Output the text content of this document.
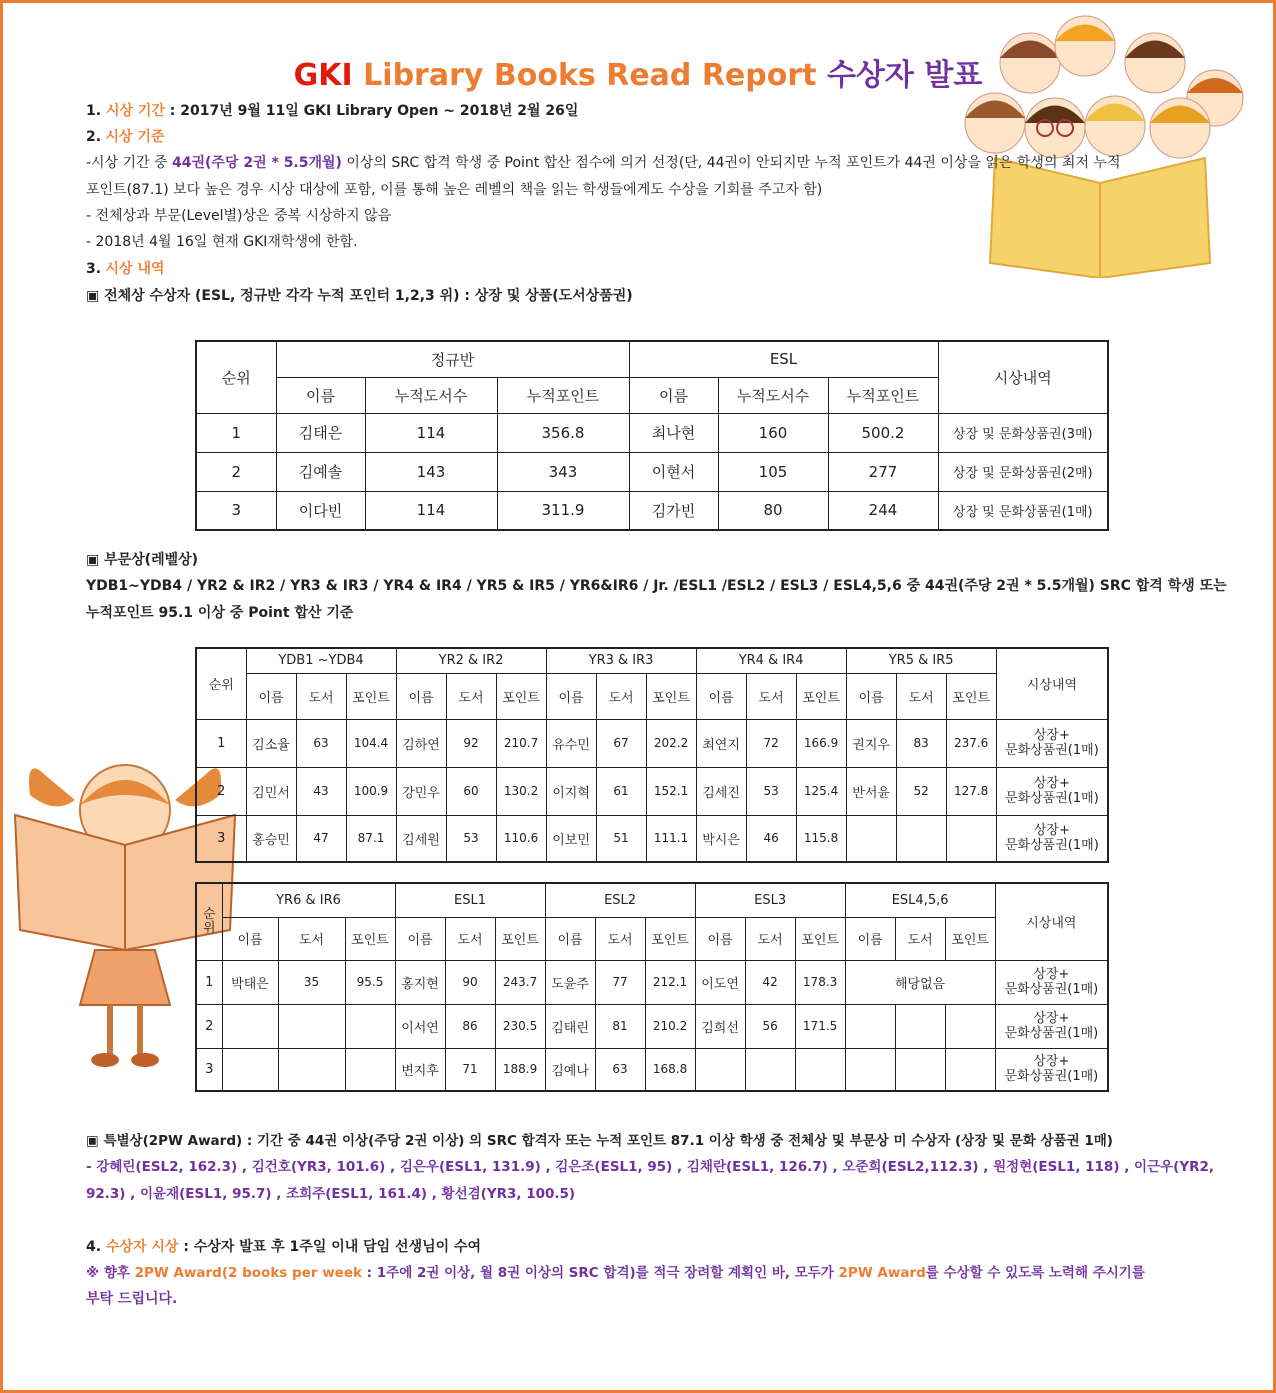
GKI Library Books Read Report 수상자 발표
1. 시상 기간 : 2017년 9월 11일 GKI Library Open ~ 2018년 2월 26일
2. 시상 기준
-시상 기간 중 44권(주당 2권 * 5.5개월) 이상의 SRC 합격 학생 중 Point 합산 점수에 의거 선정(단, 44권이 안되지만 누적 포인트가 44권 이상을 읽은 학생의 최저 누적
포인트(87.1) 보다 높은 경우 시상 대상에 포함, 이를 통해 높은 레벨의 책을 읽는 학생들에게도 수상을 기회를 주고자 함)
- 전체상과 부문(Level별)상은 중복 시상하지 않음
- 2018년 4월 16일 현재 GKI재학생에 한함.
3. 시상 내역
▣ 전체상 수상자 (ESL, 정규반 각각 누적 포인터 1,2,3 위) : 상장 및 상품(도서상품권)
순위	정규반			ESL			시상내역
	이름	누적도서수	누적포인트	이름	누적도서수	누적포인트	
1	김태은	114	356.8	최나현	160	500.2	상장 및 문화상품권(3매)
2	김예솔	143	343	이현서	105	277	상장 및 문화상품권(2매)
3	이다빈	114	311.9	김가빈	80	244	상장 및 문화상품권(1매)
▣ 부문상(레벨상)
YDB1~YDB4 / YR2 & IR2 / YR3 & IR3 / YR4 & IR4 / YR5 & IR5 / YR6&IR6 / Jr. /ESL1 /ESL2 / ESL3 / ESL4,5,6 중 44권(주당 2권 * 5.5개월) SRC 합격 학생 또는
누적포인트 95.1 이상 중 Point 합산 기준
순위	YDB1 ~YDB4			YR2 & IR2			YR3 & IR3			YR4 & IR4			YR5 & IR5			시상내역
	이름	도서	포인트	이름	도서	포인트	이름	도서	포인트	이름	도서	포인트	이름	도서	포인트	
1	김소율	63	104.4	김하연	92	210.7	유수민	67	202.2	최연지	72	166.9	권지우	83	237.6	상장+
문화상품권(1매)
2	김민서	43	100.9	강민우	60	130.2	이지혁	61	152.1	김세진	53	125.4	반서윤	52	127.8	상장+
문화상품권(1매)
3	홍승민	47	87.1	김세원	53	110.6	이보민	51	111.1	박시은	46	115.8				상장+
문화상품권(1매)
순위	YR6 & IR6			ESL1			ESL2			ESL3			ESL4,5,6			시상내역
	이름	도서	포인트	이름	도서	포인트	이름	도서	포인트	이름	도서	포인트	이름	도서	포인트	
1	박태은	35	95.5	홍지현	90	243.7	도윤주	77	212.1	이도연	42	178.3	해당없음			상장+
문화상품권(1매)
2				이서연	86	230.5	김태린	81	210.2	김희선	56	171.5				상장+
문화상품권(1매)
3				변지후	71	188.9	김예나	63	168.8							상장+
문화상품권(1매)
▣ 특별상(2PW Award) : 기간 중 44권 이상(주당 2권 이상) 의 SRC 합격자 또는 누적 포인트 87.1 이상 학생 중 전체상 및 부문상 미 수상자 (상장 및 문화 상품권 1매)
- 강혜린(ESL2, 162.3) , 김건호(YR3, 101.6) , 김은우(ESL1, 131.9) , 김은조(ESL1, 95) , 김채란(ESL1, 126.7) , 오준희(ESL2,112.3) , 원정현(ESL1, 118) , 이근우(YR2,
92.3) , 이윤재(ESL1, 95.7) , 조희주(ESL1, 161.4) , 황선겸(YR3, 100.5)
4. 수상자 시상 : 수상자 발표 후 1주일 이내 담임 선생님이 수여
※ 향후 2PW Award(2 books per week : 1주에 2권 이상, 월 8권 이상의 SRC 합격)를 적극 장려할 계획인 바, 모두가 2PW Award를 수상할 수 있도록 노력해 주시기를
부탁 드립니다.
